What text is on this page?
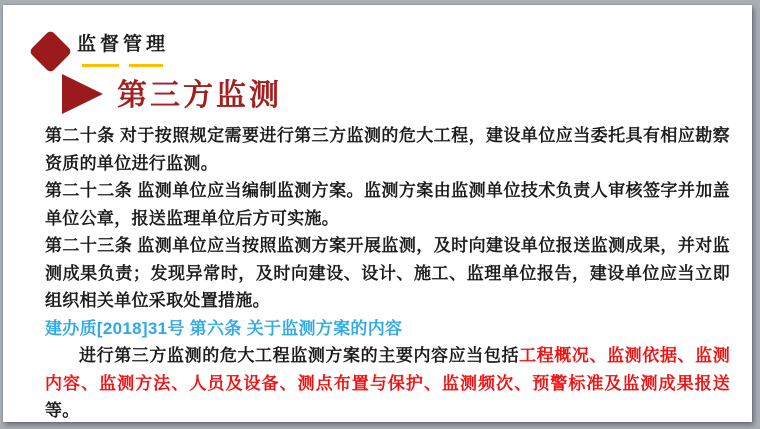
监督管理
第三方监测

第二十条 对于按照规定需要进行第三方监测的危大工程，建设单位应当委托具有相应勘察资质的单位进行监测。

第二十二条 监测单位应当编制监测方案。监测方案由监测单位技术负责人审核签字并加盖单位公章，报送监理单位后方可实施。

第二十三条 监测单位应当按照监测方案开展监测，及时向建设单位报送监测成果，并对监测成果负责；发现异常时，及时向建设、设计、施工、监理单位报告，建设单位应当立即组织相关单位采取处置措施。

建办质[2018]31号 第六条 关于监测方案的内容

进行第三方监测的危大工程监测方案的主要内容应当包括工程概况、监测依据、监测内容、监测方法、人员及设备、测点布置与保护、监测频次、预警标准及监测成果报送等。
